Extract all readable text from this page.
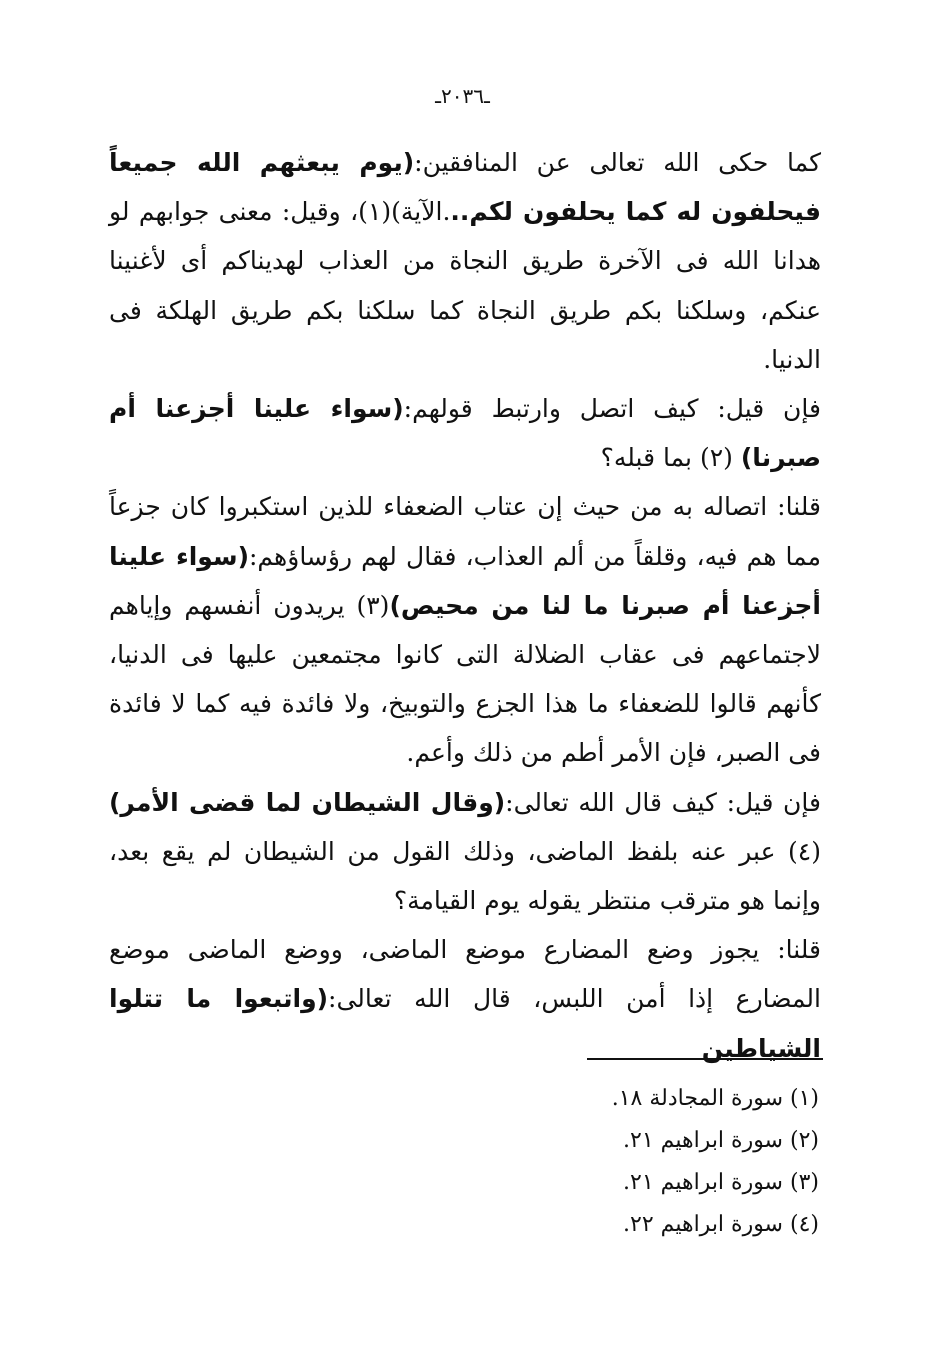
ـ٢٠٣٦ـ

كما حكى الله تعالى عن المنافقين:(يوم يبعثهم الله جميعاً فيحلفون له كما يحلفون لكم...الآية)(١)، وقيل: معنى جوابهم لو هدانا الله فى الآخرة طريق النجاة من العذاب لهديناكم أى لأغنينا عنكم، وسلكنا بكم طريق النجاة كما سلكنا بكم طريق الهلكة فى الدنيا.

فإن قيل: كيف اتصل وارتبط قولهم:(سواء علينا أجزعنا أم صبرنا) (٢) بما قبله؟

قلنا: اتصاله به من حيث إن عتاب الضعفاء للذين استكبروا كان جزعاً مما هم فيه، وقلقاً من ألم العذاب، فقال لهم رؤساؤهم:(سواء علينا أجزعنا أم صبرنا ما لنا من محيص)(٣) يريدون أنفسهم وإياهم لاجتماعهم فى عقاب الضلالة التى كانوا مجتمعين عليها فى الدنيا، كأنهم قالوا للضعفاء ما هذا الجزع والتوبيخ، ولا فائدة فيه كما لا فائدة فى الصبر، فإن الأمر أطم من ذلك وأعم.

فإن قيل: كيف قال الله تعالى:(وقال الشيطان لما قضى الأمر) (٤) عبر عنه بلفظ الماضى، وذلك القول من الشيطان لم يقع بعد، وإنما هو مترقب منتظر يقوله يوم القيامة؟

قلنا: يجوز وضع المضارع موضع الماضى، ووضع الماضى موضع المضارع إذا أمن اللبس، قال الله تعالى:(واتبعوا ما تتلوا الشياطين

(١) سورة المجادلة ١٨.
(٢) سورة ابراهيم ٢١.
(٣) سورة ابراهيم ٢١.
(٤) سورة ابراهيم ٢٢.
